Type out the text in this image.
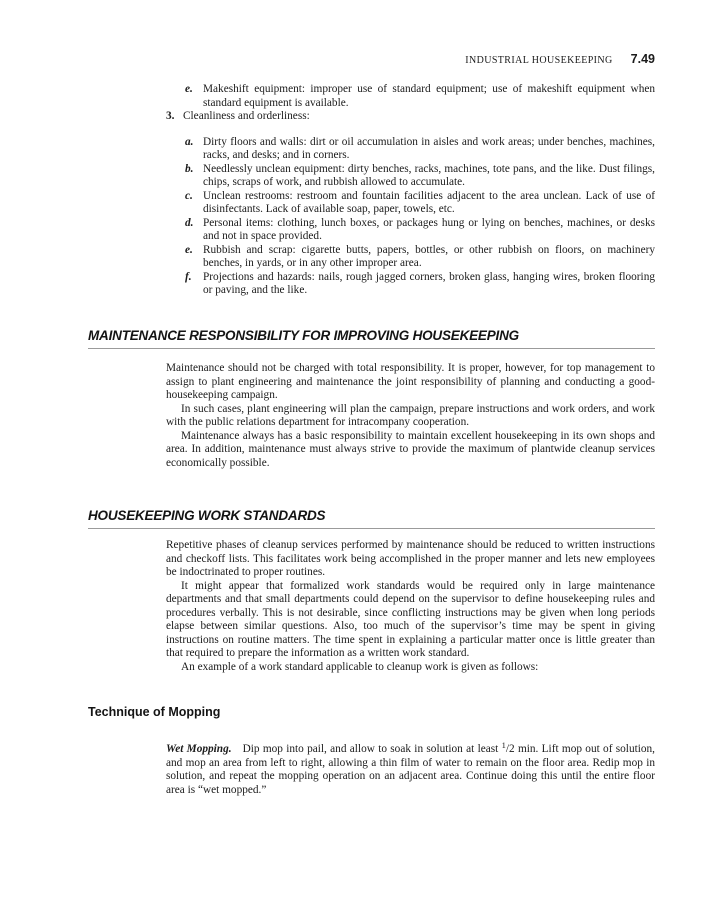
INDUSTRIAL HOUSEKEEPING 7.49
e. Makeshift equipment: improper use of standard equipment; use of makeshift equipment when standard equipment is available.
3. Cleanliness and orderliness:
a. Dirty floors and walls: dirt or oil accumulation in aisles and work areas; under benches, machines, racks, and desks; and in corners.
b. Needlessly unclean equipment: dirty benches, racks, machines, tote pans, and the like. Dust filings, chips, scraps of work, and rubbish allowed to accumulate.
c. Unclean restrooms: restroom and fountain facilities adjacent to the area unclean. Lack of use of disinfectants. Lack of available soap, paper, towels, etc.
d. Personal items: clothing, lunch boxes, or packages hung or lying on benches, machines, or desks and not in space provided.
e. Rubbish and scrap: cigarette butts, papers, bottles, or other rubbish on floors, on machinery benches, in yards, or in any other improper area.
f. Projections and hazards: nails, rough jagged corners, broken glass, hanging wires, broken flooring or paving, and the like.
MAINTENANCE RESPONSIBILITY FOR IMPROVING HOUSEKEEPING

Maintenance should not be charged with total responsibility. It is proper, however, for top management to assign to plant engineering and maintenance the joint responsibility of planning and conducting a good-housekeeping campaign.

In such cases, plant engineering will plan the campaign, prepare instructions and work orders, and work with the public relations department for intracompany cooperation.

Maintenance always has a basic responsibility to maintain excellent housekeeping in its own shops and area. In addition, maintenance must always strive to provide the maximum of plantwide cleanup services economically possible.

HOUSEKEEPING WORK STANDARDS

Repetitive phases of cleanup services performed by maintenance should be reduced to written instructions and checkoff lists. This facilitates work being accomplished in the proper manner and lets new employees be indoctrinated to proper routines.

It might appear that formalized work standards would be required only in large maintenance departments and that small departments could depend on the supervisor to define housekeeping rules and procedures verbally. This is not desirable, since conflicting instructions may be given when long periods elapse between similar questions. Also, too much of the supervisor’s time may be spent in giving instructions on routine matters. The time spent in explaining a particular matter once is little greater than that required to prepare the information as a written work standard.

An example of a work standard applicable to cleanup work is given as follows:

Technique of Mopping

Wet Mopping. Dip mop into pail, and allow to soak in solution at least $^1$/2 min. Lift mop out of solution, and mop an area from left to right, allowing a thin film of water to remain on the floor area. Redip mop in solution, and repeat the mopping operation on an adjacent area. Continue doing this until the entire floor area is “wet mopped.”
